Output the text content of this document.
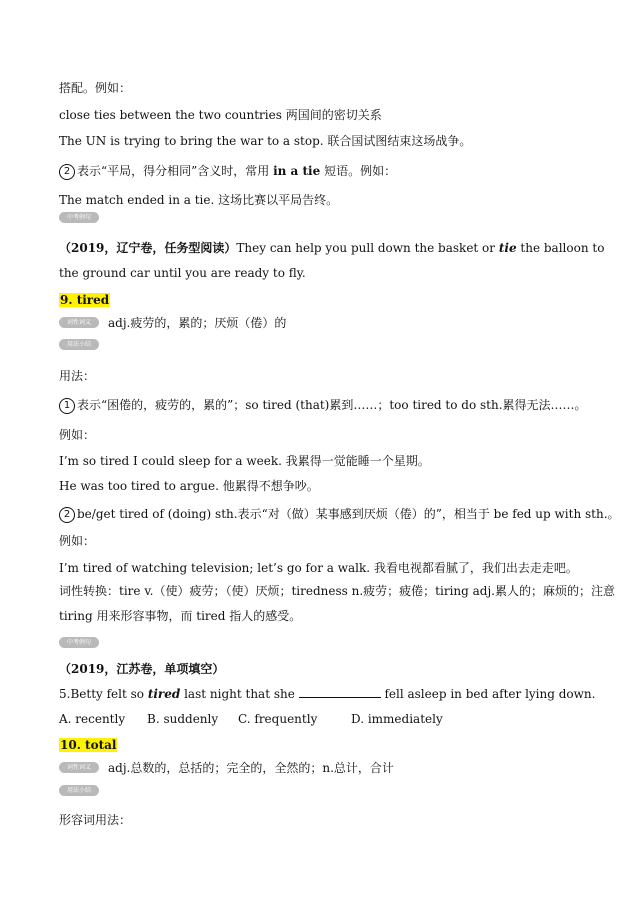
搭配。例如：
close ties between the two countries 两国间的密切关系
The UN is trying to bring the war to a stop. 联合国试图结束这场战争。
2 表示“平局，得分相同”含义时，常用 in a tie 短语。例如：
The match ended in a tie. 这场比赛以平局告终。
中考例句
（2019，辽宁卷，任务型阅读）They can help you pull down the basket or tie the balloon to the ground car until you are ready to fly.
9. tired
词性词义	adj.疲劳的，累的；厌烦（倦）的
用法小结
用法：
1 表示“困倦的，疲劳的，累的”；so tired (that)累到……；too tired to do sth.累得无法……。
例如：
I’m so tired I could sleep for a week. 我累得一觉能睡一个星期。
He was too tired to argue. 他累得不想争吵。
2 be/get tired of (doing) sth.表示“对（做）某事感到厌烦（倦）的”，相当于 be fed up with sth.。
例如：
I’m tired of watching television; let’s go for a walk. 我看电视都看腻了，我们出去走走吧。
词性转换：tire v.（使）疲劳；（使）厌烦；tiredness n.疲劳；疲倦；tiring adj.累人的；麻烦的；注意 tiring 用来形容事物，而 tired 指人的感受。
中考例句
（2019，江苏卷，单项填空）
5.Betty felt so tired last night that she	fell asleep in bed after lying down.
A. recently B. suddenly C. frequently	D. immediately
10. total
词性词义	adj.总数的，总括的；完全的，全然的；n.总计，合计
用法小结
形容词用法：
